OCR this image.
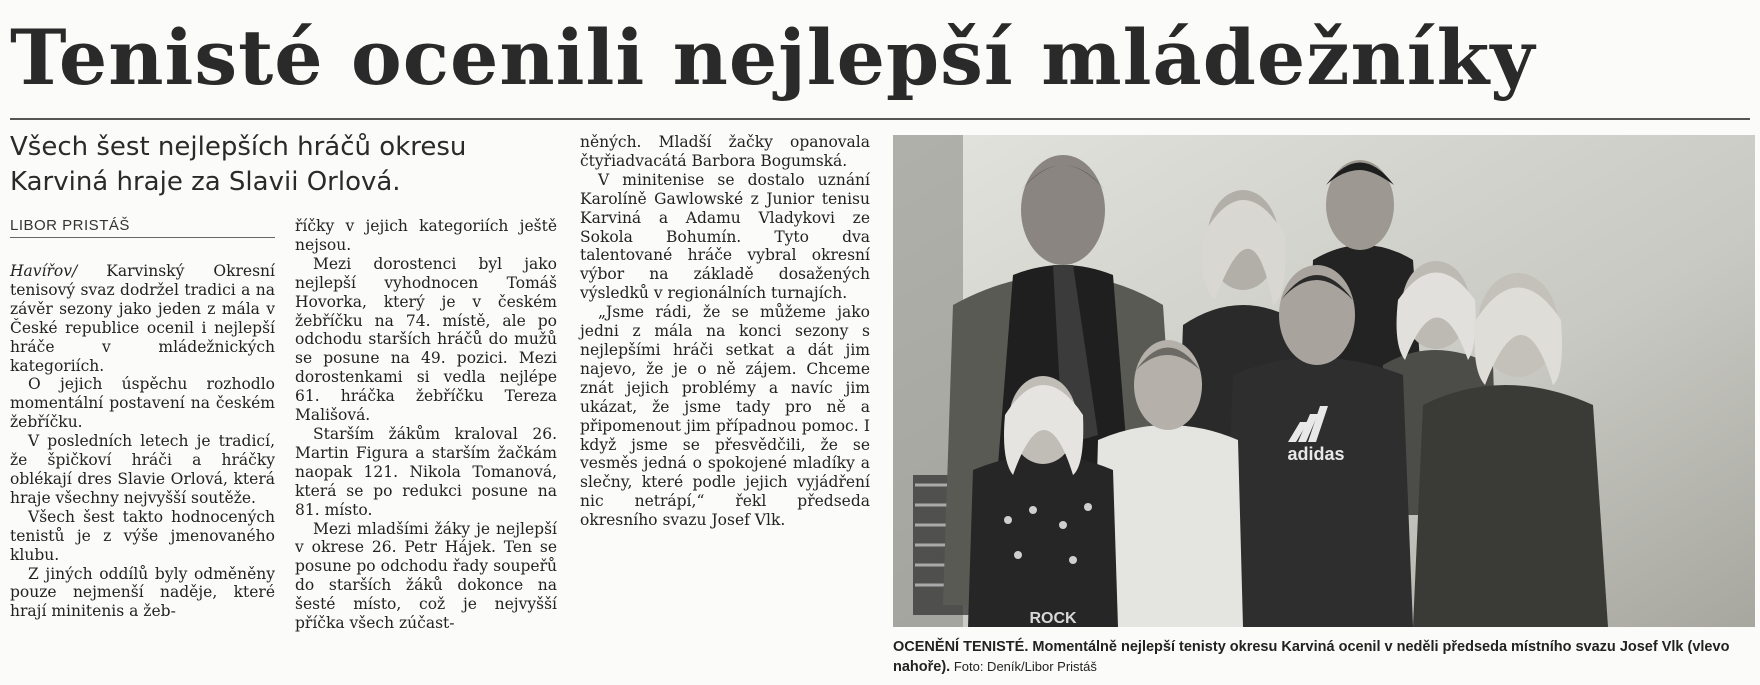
Tenisté ocenili nejlepší mládežníky
Všech šest nejlepších hráčů okresu Karviná hraje za Slavii Orlová.
LIBOR PRISTÁŠ

Havířov/ Karvinský Okresní tenisový svaz dodržel tradici a na závěr sezony jako jeden z mála v České republice ocenil i nejlepší hráče v mládežnických kategoriích.

O jejich úspěchu rozhodlo momentální postavení na českém žebříčku.

V posledních letech je tradicí, že špičkoví hráči a hráčky oblékají dres Slavie Orlová, která hraje všechny nejvyšší soutěže.

Všech šest takto hodnocených tenistů je z výše jmenovaného klubu.

Z jiných oddílů byly odměněny pouze nejmenší naděje, které hrají minitenis a žeb-

říčky v jejich kategoriích ještě nejsou.

Mezi dorostenci byl jako nejlepší vyhodnocen Tomáš Hovorka, který je v českém žebříčku na 74. místě, ale po odchodu starších hráčů do mužů se posune na 49. pozici. Mezi dorostenkami si vedla nejlépe 61. hráčka žebříčku Tereza Mališová.

Starším žákům kraloval 26. Martin Figura a starším žačkám naopak 121. Nikola Tomanová, která se po redukci posune na 81. místo.

Mezi mladšími žáky je nejlepší v okrese 26. Petr Hájek. Ten se posune po odchodu řady soupeřů do starších žáků dokonce na šesté místo, což je nejvyšší příčka všech zúčast-

něných. Mladší žačky opanovala čtyřiadvacátá Barbora Bogumská.

V minitenise se dostalo uznání Karolíně Gawlowské z Junior tenisu Karviná a Adamu Vladykovi ze Sokola Bohumín. Tyto dva talentované hráče vybral okresní výbor na základě dosažených výsledků v regionálních turnajích.

„Jsme rádi, že se můžeme jako jedni z mála na konci sezony s nejlepšími hráči setkat a dát jim najevo, že je o ně zájem. Chceme znát jejich problémy a navíc jim ukázat, že jsme tady pro ně a připomenout jim případnou pomoc. I když jsme se přesvědčili, že se vesměs jedná o spokojené mladíky a slečny, které podle jejich vyjádření nic netrápí,“ řekl předseda okresního svazu Josef Vlk.

adidas
ROCK
OCENĚNÍ TENISTÉ. Momentálně nejlepší tenisty okresu Karviná ocenil v neděli předseda místního svazu Josef Vlk (vlevo nahoře). Foto: Deník/Libor Pristáš
